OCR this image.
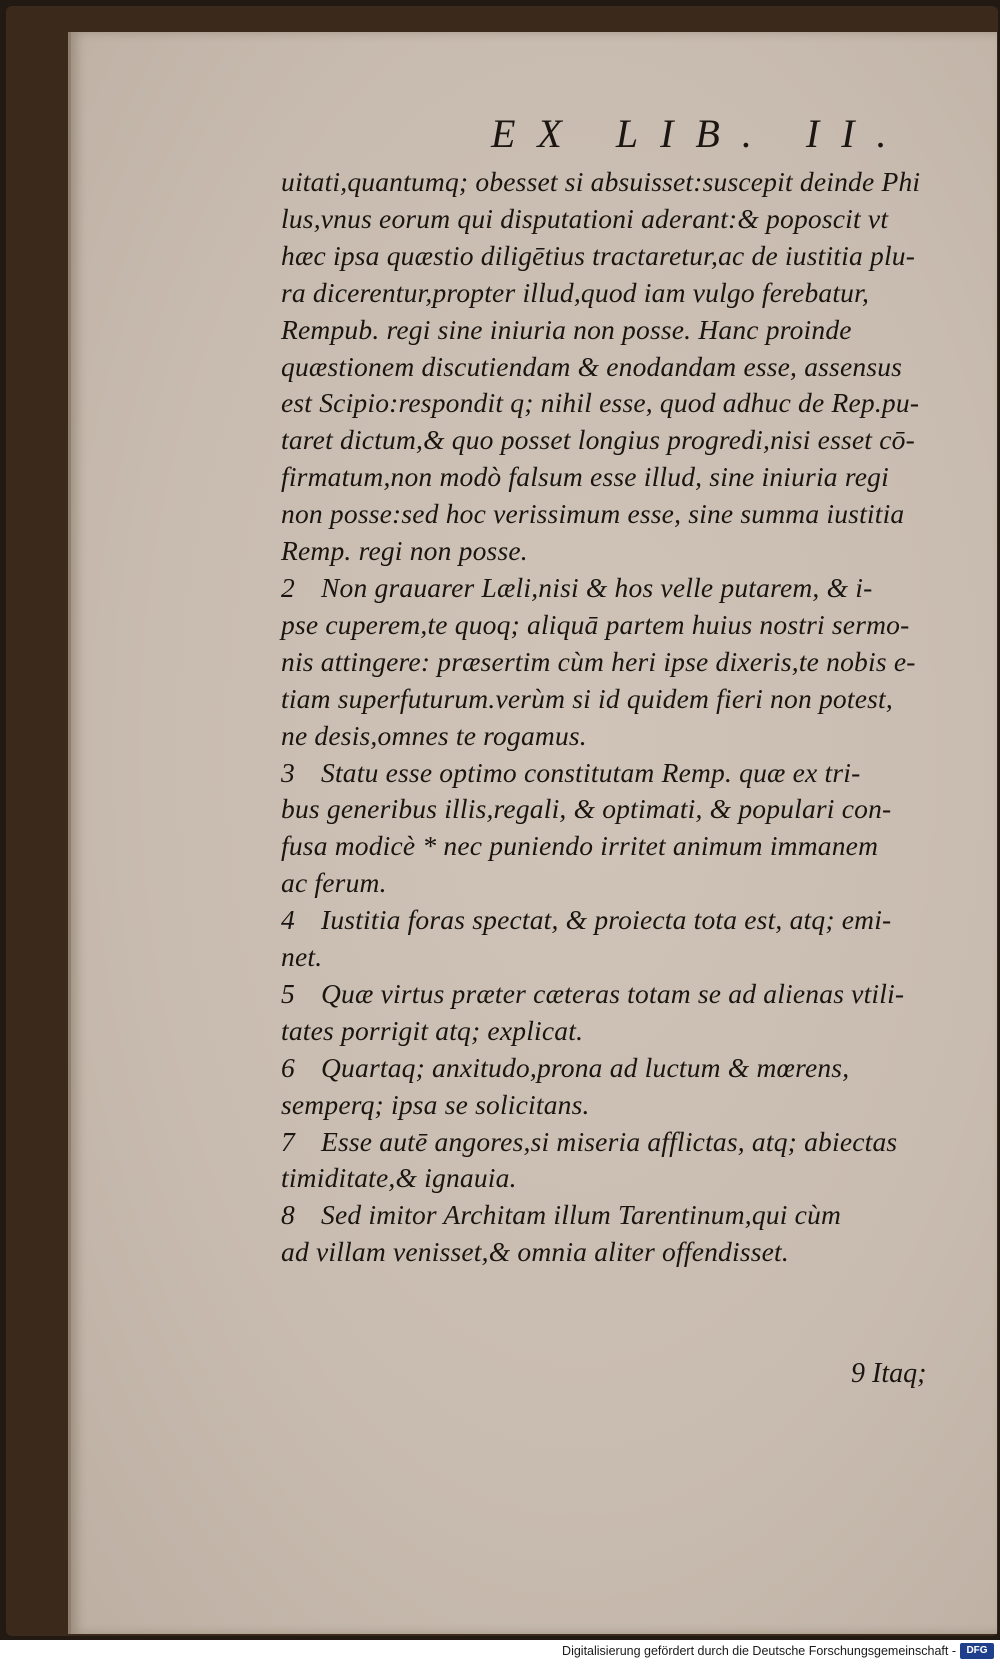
EX LIB. II.
uitati,quantumq; obesset si absuisset:suscepit deinde Phi
lus,vnus eorum qui disputationi aderant:& poposcit vt
hæc ipsa quæstio diligētius tractaretur,ac de iustitia plu-
ra dicerentur,propter illud,quod iam vulgo ferebatur,
Rempub. regi sine iniuria non posse. Hanc proinde
quæstionem discutiendam & enodandam esse, assensus
est Scipio:respondit q; nihil esse, quod adhuc de Rep.pu-
taret dictum,& quo posset longius progredi,nisi esset cō-
firmatum,non modò falsum esse illud, sine iniuria regi
non posse:sed hoc verissimum esse, sine summa iustitia
Remp. regi non posse.
2 Non grauarer Læli,nisi & hos velle putarem, & i-
pse cuperem,te quoq; aliquā partem huius nostri sermo-
nis attingere: præsertim cùm heri ipse dixeris,te nobis e-
tiam superfuturum.verùm si id quidem fieri non potest,
ne desis,omnes te rogamus.
3 Statu esse optimo constitutam Remp. quæ ex tri-
bus generibus illis,regali, & optimati, & populari con-
fusa modicè * nec puniendo irritet animum immanem
ac ferum.
4 Iustitia foras spectat, & proiecta tota est, atq; emi-
net.
5 Quæ virtus præter cæteras totam se ad alienas vtili-
tates porrigit atq; explicat.
6 Quartaq; anxitudo,prona ad luctum & mœrens,
semperq; ipsa se solicitans.
7 Esse autē angores,si miseria afflictas, atq; abiectas
timiditate,& ignauia.
8 Sed imitor Architam illum Tarentinum,qui cùm
ad villam venisset,& omnia aliter offendisset.
9 Itaq;
Digitalisierung gefördert durch die Deutsche Forschungsgemeinschaft -	DFG
